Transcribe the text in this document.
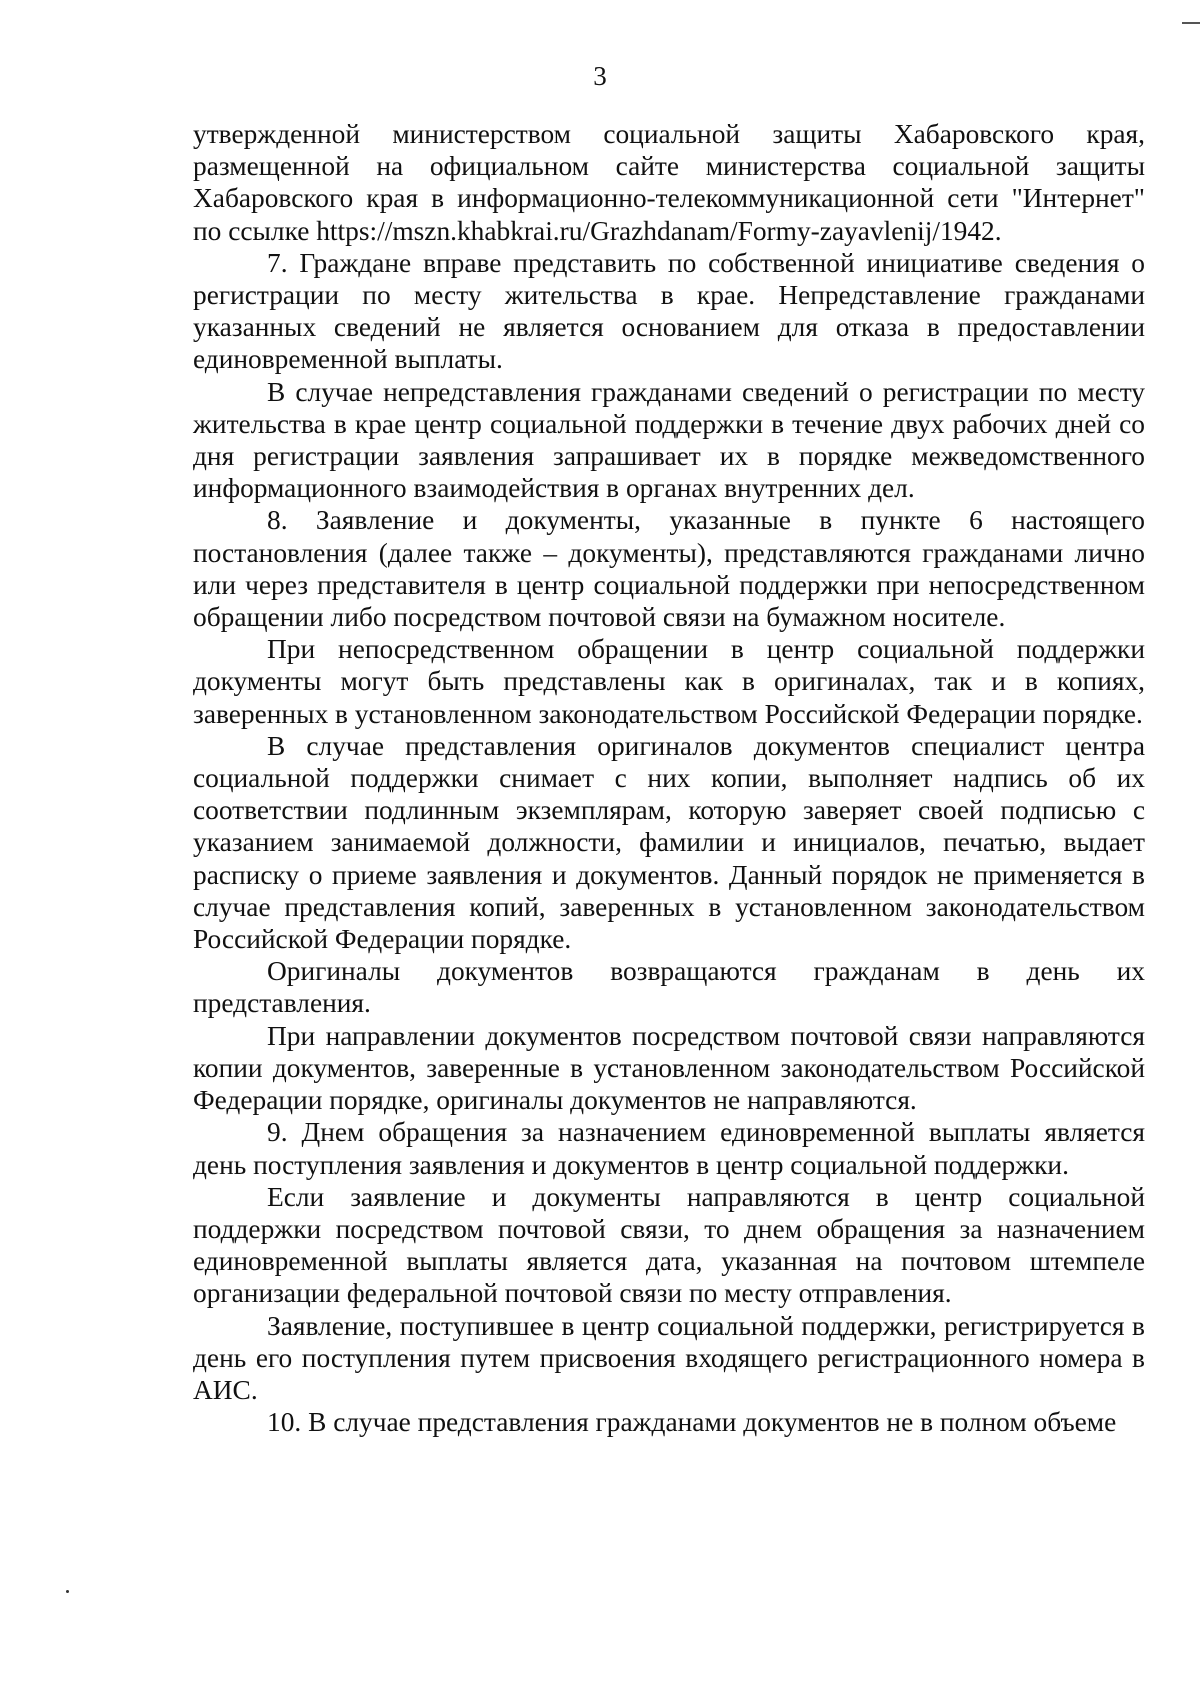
3

утвержденной министерством социальной защиты Хабаровского края, размещенной на официальном сайте министерства социальной защиты Хабаровского края в информационно-телекоммуникационной сети "Интернет" по ссылке https://mszn.khabkrai.ru/Grazhdanam/Formy-zayavlenij/1942.

7. Граждане вправе представить по собственной инициативе сведения о регистрации по месту жительства в крае. Непредставление гражданами указанных сведений не является основанием для отказа в предоставлении единовременной выплаты.

В случае непредставления гражданами сведений о регистрации по месту жительства в крае центр социальной поддержки в течение двух рабочих дней со дня регистрации заявления запрашивает их в порядке межведомственного информационного взаимодействия в органах внутренних дел.

8. Заявление и документы, указанные в пункте 6 настоящего постановления (далее также – документы), представляются гражданами лично или через представителя в центр социальной поддержки при непосредственном обращении либо посредством почтовой связи на бумажном носителе.

При непосредственном обращении в центр социальной поддержки документы могут быть представлены как в оригиналах, так и в копиях, заверенных в установленном законодательством Российской Федерации порядке.

В случае представления оригиналов документов специалист центра социальной поддержки снимает с них копии, выполняет надпись об их соответствии подлинным экземплярам, которую заверяет своей подписью с указанием занимаемой должности, фамилии и инициалов, печатью, выдает расписку о приеме заявления и документов. Данный порядок не применяется в случае представления копий, заверенных в установленном законодательством Российской Федерации порядке.

Оригиналы документов возвращаются гражданам в день их представления.

При направлении документов посредством почтовой связи направляются копии документов, заверенные в установленном законодательством Российской Федерации порядке, оригиналы документов не направляются.

9. Днем обращения за назначением единовременной выплаты является день поступления заявления и документов в центр социальной поддержки.

Если заявление и документы направляются в центр социальной поддержки посредством почтовой связи, то днем обращения за назначением единовременной выплаты является дата, указанная на почтовом штемпеле организации федеральной почтовой связи по месту отправления.

Заявление, поступившее в центр социальной поддержки, регистрируется в день его поступления путем присвоения входящего регистрационного номера в АИС.

10. В случае представления гражданами документов не в полном объеме
